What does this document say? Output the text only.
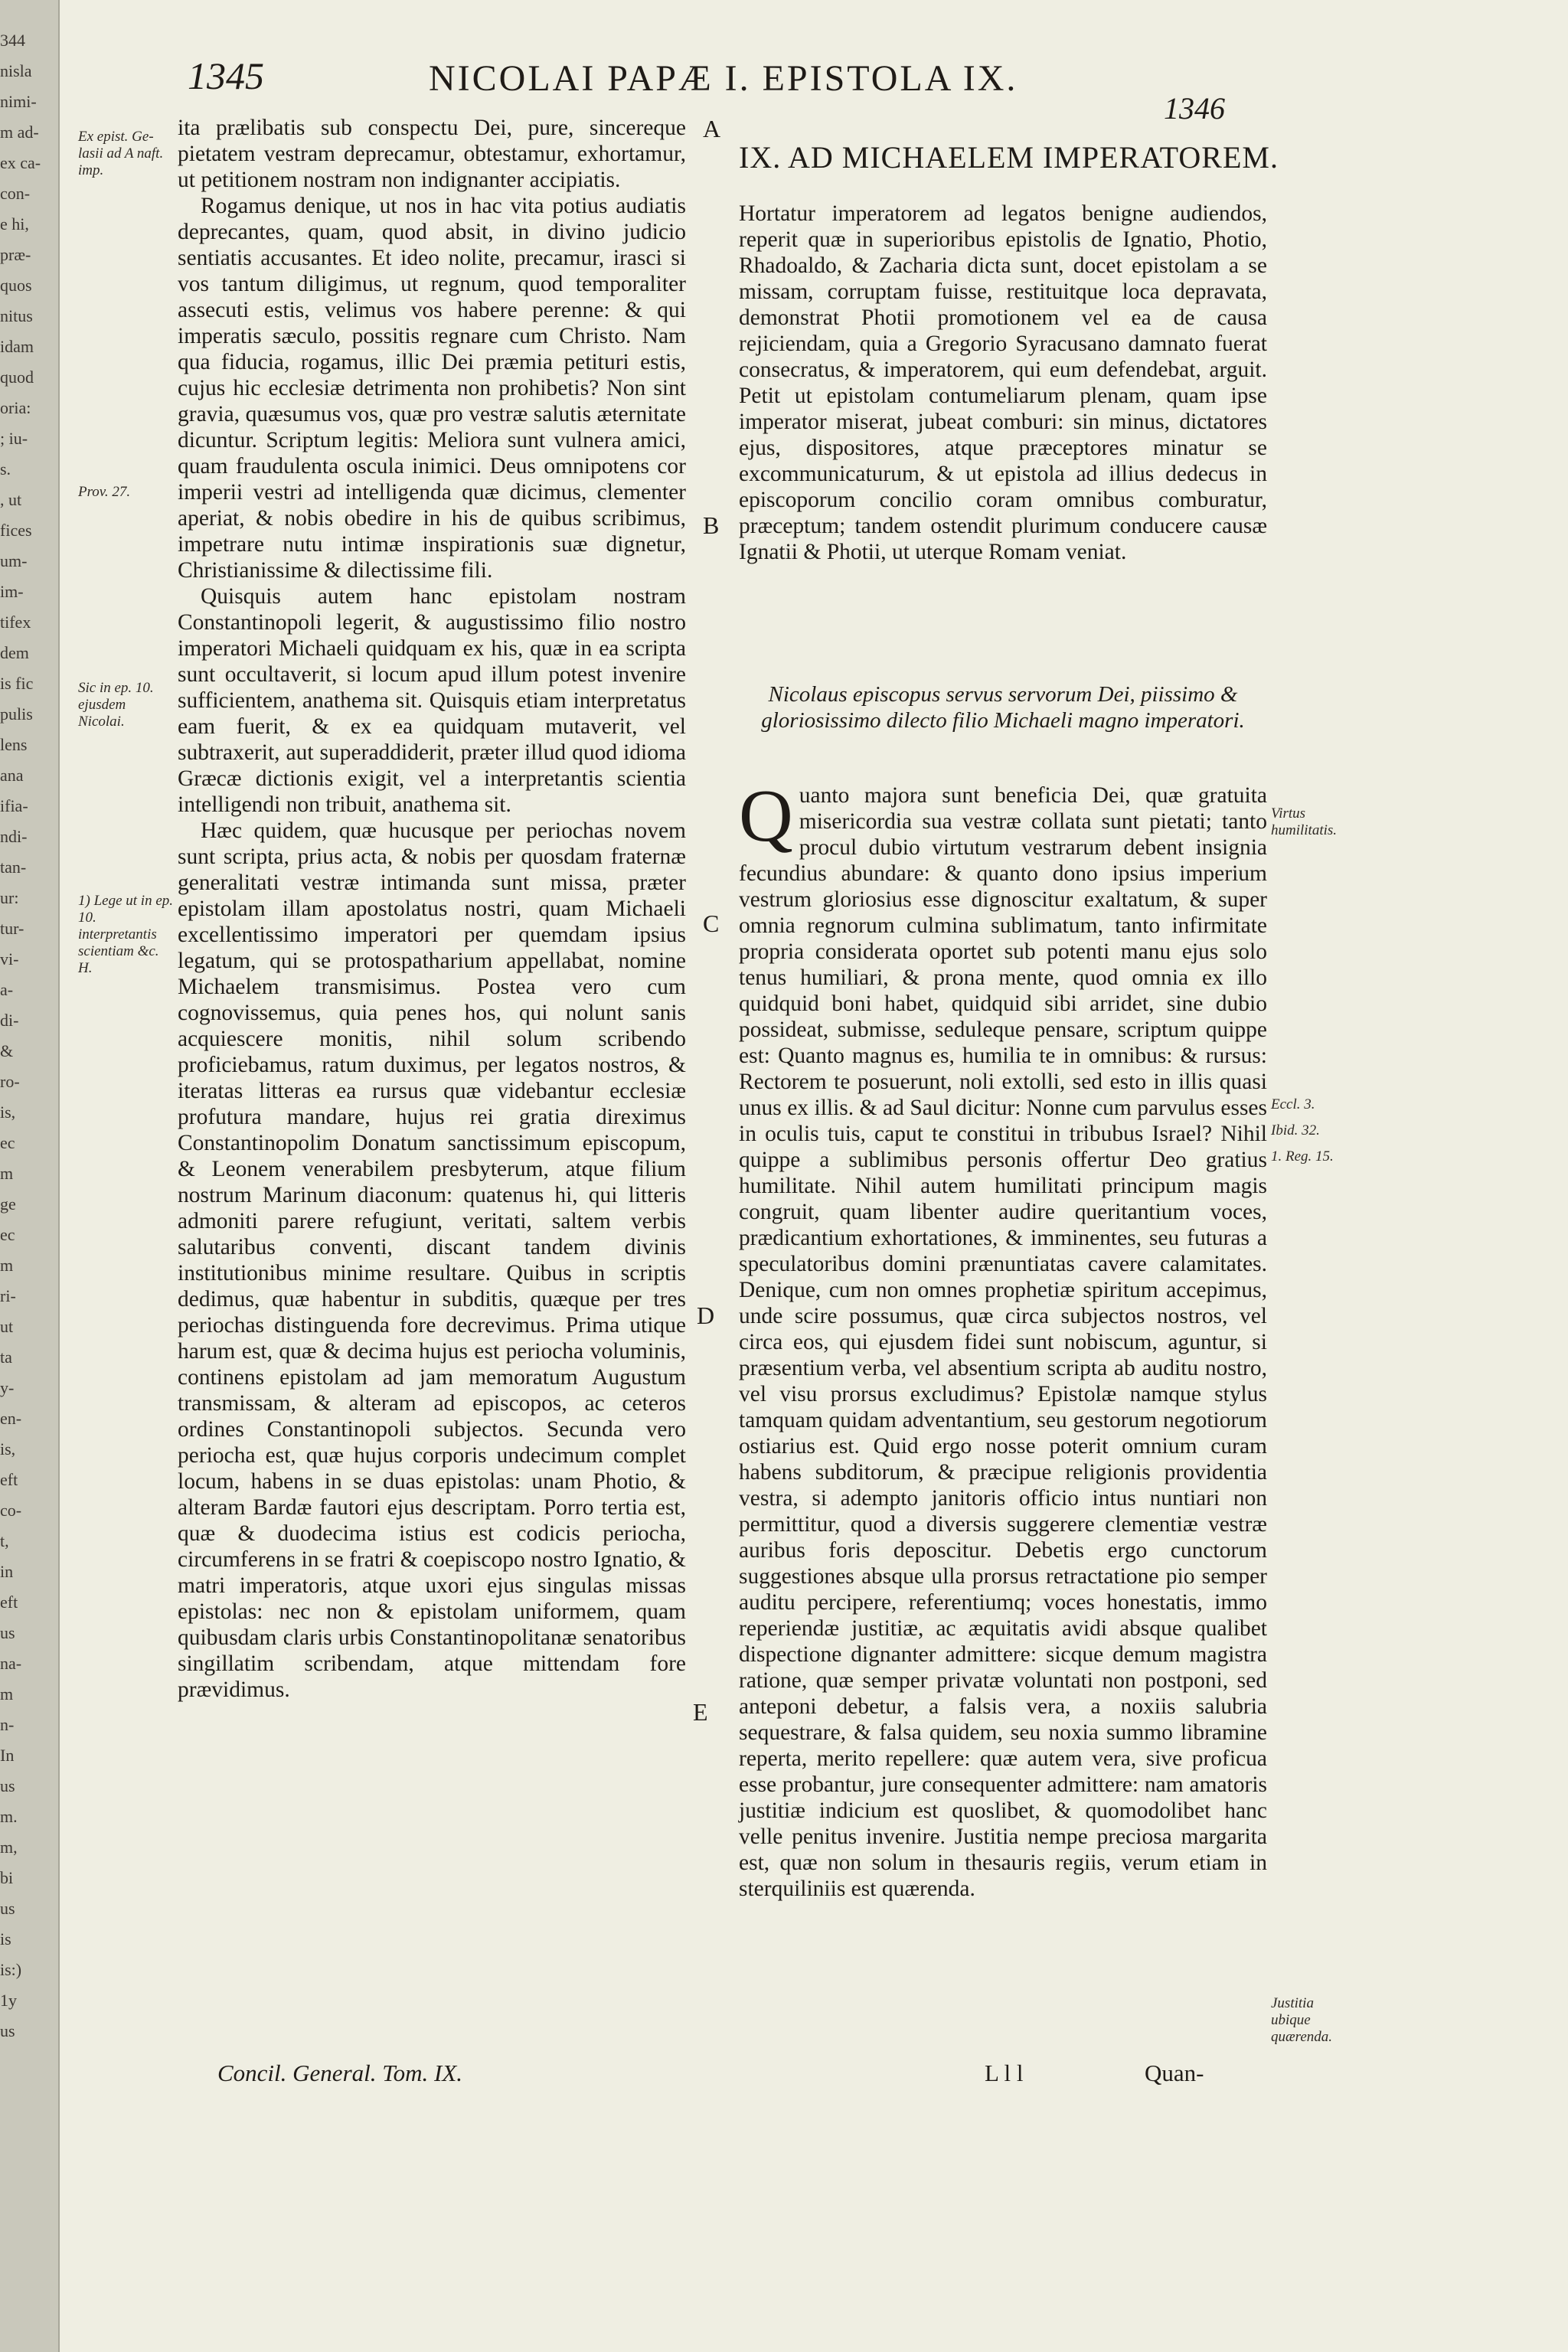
344
nisla
nimi-
m ad-
ex ca-
con-
e hi,
præ-
quos
nitus
idam
quod
oria:
; iu-
s.
, ut
fices
um-
im-
tifex
dem
is fic
pulis
lens
ana
ifia-
ndi-
tan-
ur:
tur-
vi-
a-
di-
&
ro-
is,
ec
m
ge
ec
m
ri-
ut
ta
y-
en-
is,
eft
co-
t,
in
eft
us
na-
m
n-
In
us
m.
m,
bi
us
is
is:)
1y
us
1345	NICOLAI PAPÆ I. EPISTOLA IX.
1346

ita prælibatis sub conspectu Dei, pure, sincereque pietatem vestram deprecamur, obtestamur, exhortamur, ut petitionem nostram non indignanter accipiatis.

Rogamus denique, ut nos in hac vita potius audiatis deprecantes, quam, quod absit, in divino judicio sentiatis accusantes. Et ideo nolite, precamur, irasci si vos tantum diligimus, ut regnum, quod temporaliter assecuti estis, velimus vos habere perenne: & qui imperatis sæculo, possitis regnare cum Christo. Nam qua fiducia, rogamus, illic Dei præmia petituri estis, cujus hic ecclesiæ detrimenta non prohibetis? Non sint gravia, quæsumus vos, quæ pro vestræ salutis æternitate dicuntur. Scriptum legitis: Meliora sunt vulnera amici, quam fraudulenta oscula inimici. Deus omnipotens cor imperii vestri ad intelligenda quæ dicimus, clementer aperiat, & nobis obedire in his de quibus scribimus, impetrare nutu intimæ inspirationis suæ dignetur, Christianissime & dilectissime fili.

Quisquis autem hanc epistolam nostram Constantinopoli legerit, & augustissimo filio nostro imperatori Michaeli quidquam ex his, quæ in ea scripta sunt occultaverit, si locum apud illum potest invenire sufficientem, anathema sit. Quisquis etiam interpretatus eam fuerit, & ex ea quidquam mutaverit, vel subtraxerit, aut superaddiderit, præter illud quod idioma Græcæ dictionis exigit, vel a interpretantis scientia intelligendi non tribuit, anathema sit.

Hæc quidem, quæ hucusque per periochas novem sunt scripta, prius acta, & nobis per quosdam fraternæ generalitati vestræ intimanda sunt missa, præter epistolam illam apostolatus nostri, quam Michaeli excellentissimo imperatori per quemdam ipsius legatum, qui se protospatharium appellabat, nomine Michaelem transmisimus. Postea vero cum cognovissemus, quia penes hos, qui nolunt sanis acquiescere monitis, nihil solum scribendo proficiebamus, ratum duximus, per legatos nostros, & iteratas litteras ea rursus quæ videbantur ecclesiæ profutura mandare, hujus rei gratia direximus Constantinopolim Donatum sanctissimum episcopum, & Leonem venerabilem presbyterum, atque filium nostrum Marinum diaconum: quatenus hi, qui litteris admoniti parere refugiunt, veritati, saltem verbis salutaribus conventi, discant tandem divinis institutionibus minime resultare. Quibus in scriptis dedimus, quæ habentur in subditis, quæque per tres periochas distinguenda fore decrevimus. Prima utique harum est, quæ & decima hujus est periocha voluminis, continens epistolam ad jam memoratum Augustum transmissam, & alteram ad episcopos, ac ceteros ordines Constantinopoli subjectos. Secunda vero periocha est, quæ hujus corporis undecimum complet locum, habens in se duas epistolas: unam Photio, & alteram Bardæ fautori ejus descriptam. Porro tertia est, quæ & duodecima istius est codicis periocha, circumferens in se fratri & coepiscopo nostro Ignatio, & matri imperatoris, atque uxori ejus singulas missas epistolas: nec non & epistolam uniformem, quam quibusdam claris urbis Constantinopolitanæ senatoribus singillatim scribendam, atque mittendam fore prævidimus.

Ex epist. Ge-lasii ad A naft. imp.
Prov. 27.
Sic in ep. 10. ejusdem Nicolai.
1) Lege ut in ep. 10. interpretantis scientiam &c. H.
A
B
C
D
E
IX. AD MICHAELEM IMPERATOREM.

Hortatur imperatorem ad legatos benigne audiendos, reperit quæ in superioribus epistolis de Ignatio, Photio, Rhadoaldo, & Zacharia dicta sunt, docet epistolam a se missam, corruptam fuisse, restituitque loca depravata, demonstrat Photii promotionem vel ea de causa rejiciendam, quia a Gregorio Syracusano damnato fuerat consecratus, & imperatorem, qui eum defendebat, arguit. Petit ut epistolam contumeliarum plenam, quam ipse imperator miserat, jubeat comburi: sin minus, dictatores ejus, dispositores, atque præceptores minatur se excommunicaturum, & ut epistola ad illius dedecus in episcoporum concilio coram omnibus comburatur, præceptum; tandem ostendit plurimum conducere causæ Ignatii & Photii, ut uterque Romam veniat.

Nicolaus episcopus servus servorum Dei, piissimo & gloriosissimo dilecto filio Michaeli magno imperatori.
Q uanto majora sunt beneficia Dei, quæ gratuita misericordia sua vestræ collata sunt pietati; tanto procul dubio virtutum vestrarum debent insignia fecundius abundare: & quanto dono ipsius imperium vestrum gloriosius esse dignoscitur exaltatum, & super omnia regnorum culmina sublimatum, tanto infirmitate propria considerata oportet sub potenti manu ejus solo tenus humiliari, & prona mente, quod omnia ex illo quidquid boni habet, quidquid sibi arridet, sine dubio possideat, submisse, seduleque pensare, scriptum quippe est: Quanto magnus es, humilia te in omnibus: & rursus: Rectorem te posuerunt, noli extolli, sed esto in illis quasi unus ex illis. & ad Saul dicitur: Nonne cum parvulus esses in oculis tuis, caput te constitui in tribubus Israel? Nihil quippe a sublimibus personis offertur Deo gratius humilitate. Nihil autem humilitati principum magis congruit, quam libenter audire queritantium voces, prædicantium exhortationes, & imminentes, seu futuras a speculatoribus domini prænuntiatas cavere calamitates. Denique, cum non omnes prophetiæ spiritum accepimus, unde scire possumus, quæ circa subjectos nostros, vel circa eos, qui ejusdem fidei sunt nobiscum, aguntur, si præsentium verba, vel absentium scripta ab auditu nostro, vel visu prorsus excludimus? Epistolæ namque stylus tamquam quidam adventantium, seu gestorum negotiorum ostiarius est. Quid ergo nosse poterit omnium curam habens subditorum, & præcipue religionis providentia vestra, si adempto janitoris officio intus nuntiari non permittitur, quod a diversis suggerere clementiæ vestræ auribus foris deposcitur. Debetis ergo cunctorum suggestiones absque ulla prorsus retractatione pio semper auditu percipere, referentiumq; voces honestatis, immo reperiendæ justitiæ, ac æquitatis avidi absque qualibet dispectione dignanter admittere: sicque demum magistra ratione, quæ semper privatæ voluntati non postponi, sed anteponi debetur, a falsis vera, a noxiis salubria sequestrare, & falsa quidem, seu noxia summo libramine reperta, merito repellere: quæ autem vera, sive proficua esse probantur, jure consequenter admittere: nam amatoris justitiæ indicium est quoslibet, & quomodolibet hanc velle penitus invenire. Justitia nempe preciosa margarita est, quæ non solum in thesauris regiis, verum etiam in sterquiliniis est quærenda.

Virtus humilitatis.
Eccl. 3.
Ibid. 32.
1. Reg. 15.
Justitia ubique quærenda.
Concil. General. Tom. IX.	L l l	Quan-
